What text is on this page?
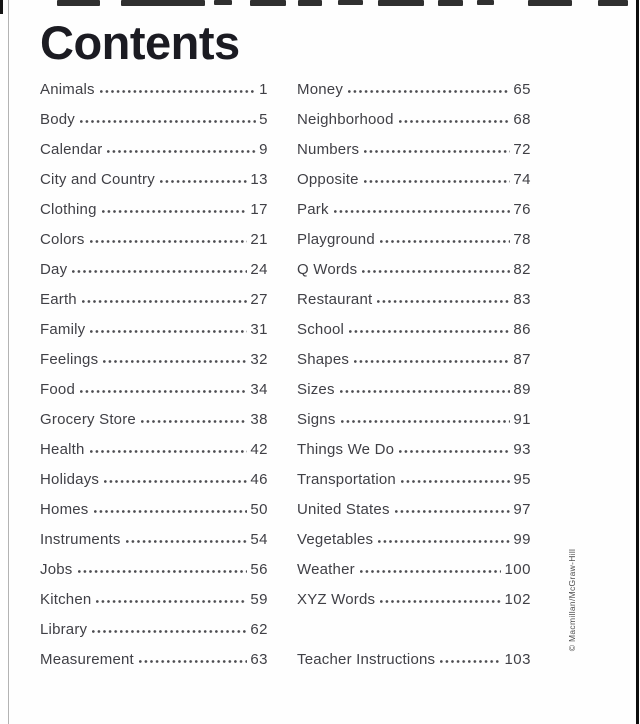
Contents
Animals	1
Body	5
Calendar	9
City and Country	13
Clothing	17
Colors	21
Day	24
Earth	27
Family	31
Feelings	32
Food	34
Grocery Store	38
Health	42
Holidays	46
Homes	50
Instruments	54
Jobs	56
Kitchen	59
Library	62
Measurement	63
Money	65
Neighborhood	68
Numbers	72
Opposite	74
Park	76
Playground	78
Q Words	82
Restaurant	83
School	86
Shapes	87
Sizes	89
Signs	91
Things We Do	93
Transportation	95
United States	97
Vegetables	99
Weather	100
XYZ Words	102
Teacher Instructions	103
© Macmillan/McGraw-Hill
